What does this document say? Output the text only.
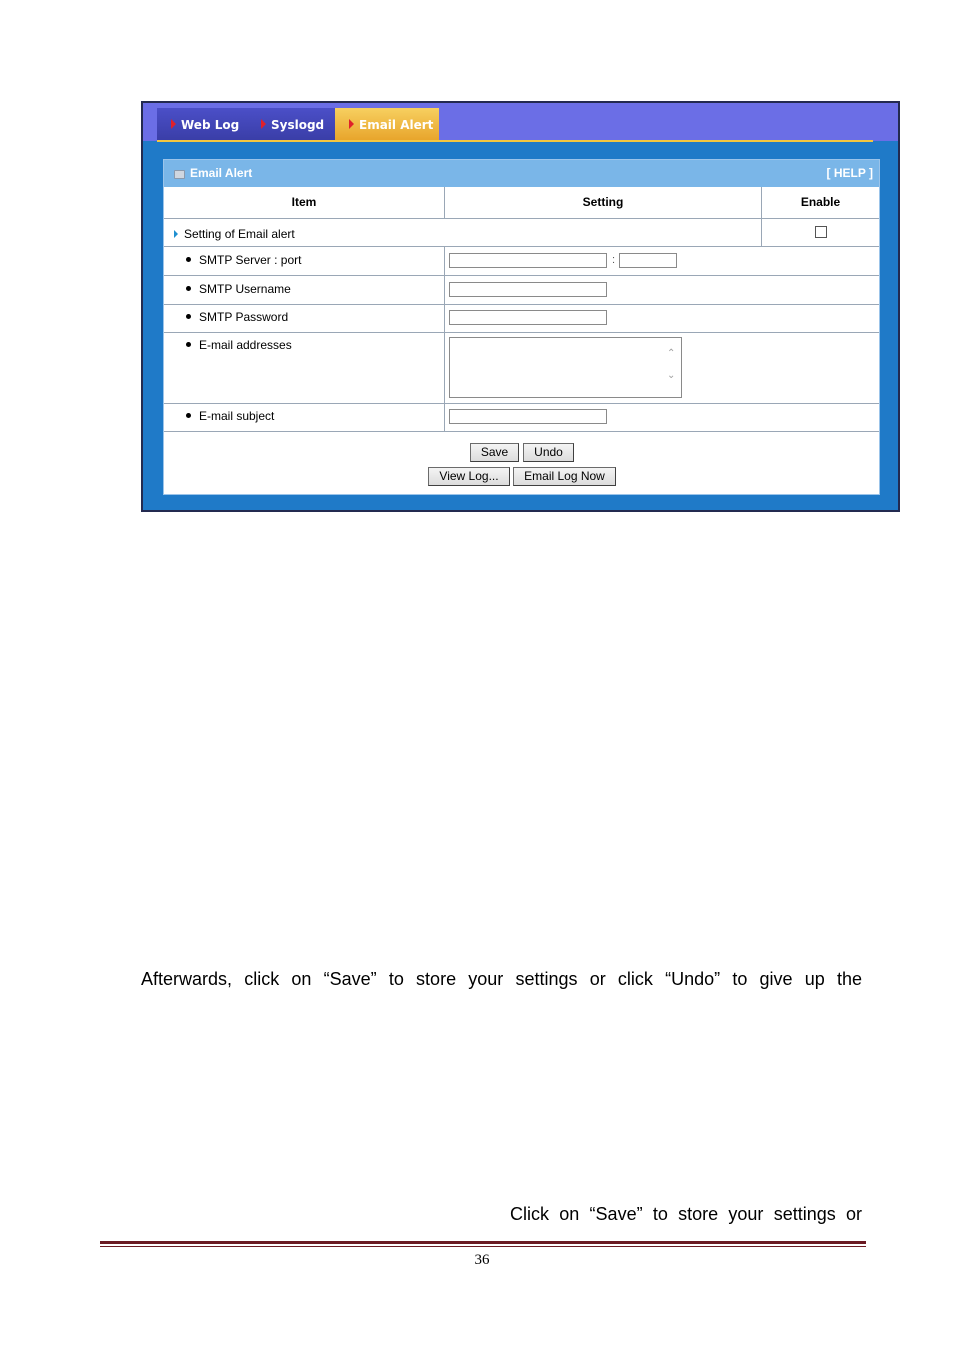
Web Log	Syslogd	Email Alert
Email Alert	[ HELP ]
Item	Setting	Enable
Setting of Email alert
SMTP Server : port	:
SMTP Username
SMTP Password
E-mail addresses
⌃
⌄
E-mail subject
Save	Undo
View Log...	Email Log Now
Afterwards, click on “Save” to store your settings or click “Undo” to give up the
Click on “Save” to store your settings or
36
